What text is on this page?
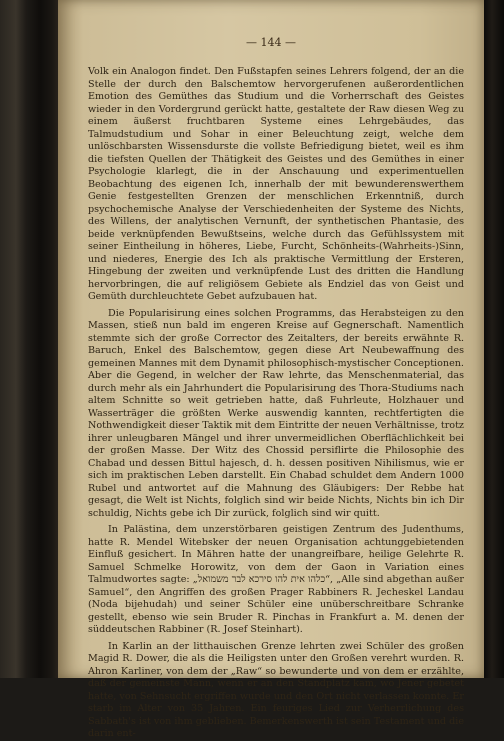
— 144 —

Volk ein Analogon findet. Den Fußstapfen seines Lehrers folgend, der an die Stelle der durch den Balschemtow hervorgerufenen außerordentlichen Emotion des Gemüthes das Studium und die Vorherrschaft des Geistes wieder in den Vordergrund gerückt hatte, gestaltete der Raw diesen Weg zu einem äußerst fruchtbaren Systeme eines Lehrgebäudes, das Talmudstudium und Sohar in einer Beleuchtung zeigt, welche dem unlöschbarsten Wissensdurste die vollste Befriedigung bietet, weil es ihm die tiefsten Quellen der Thätigkeit des Geistes und des Gemüthes in einer Psychologie klarlegt, die in der Anschauung und experimentuellen Beobachtung des eigenen Ich, innerhalb der mit bewunderenswerthem Genie festgestellten Grenzen der menschlichen Erkenntniß, durch psychochemische Analyse der Verschiedenheiten der Systeme des Nichts, des Willens, der analytischen Vernunft, der synthetischen Phantasie, des beide verknüpfenden Bewußtseins, welche durch das Gefühlssystem mit seiner Eintheilung in höheres, Liebe, Furcht, Schönheits-(Wahrheits-)Sinn, und niederes, Energie des Ich als praktische Vermittlung der Ersteren, Hingebung der zweiten und verknüpfende Lust des dritten die Handlung hervorbringen, die auf religiösem Gebiete als Endziel das von Geist und Gemüth durchleuchtete Gebet aufzubauen hat.

Die Popularisirung eines solchen Programms, das Herabsteigen zu den Massen, stieß nun bald im engeren Kreise auf Gegnerschaft. Namentlich stemmte sich der große Corrector des Zeitalters, der bereits erwähnte R. Baruch, Enkel des Balschemtow, gegen diese Art Neubewaffnung des gemeinen Mannes mit dem Dynamit philosophisch-mystischer Conceptionen. Aber die Gegend, in welcher der Raw lehrte, das Menschenmaterial, das durch mehr als ein Jahrhundert die Popularisirung des Thora-Studiums nach altem Schnitte so weit getrieben hatte, daß Fuhrleute, Holzhauer und Wasserträger die größten Werke auswendig kannten, rechtfertigten die Nothwendigkeit dieser Taktik mit dem Eintritte der neuen Verhältnisse, trotz ihrer unleugbaren Mängel und ihrer unvermeidlichen Oberflächlichkeit bei der großen Masse. Der Witz des Chossid persiflirte die Philosophie des Chabad und dessen Bittul hajesch, d. h. dessen positiven Nihilismus, wie er sich im praktischen Leben darstellt. Ein Chabad schuldet dem Andern 1000 Rubel und antwortet auf die Mahnung des Gläubigers: Der Rebbe hat gesagt, die Welt ist Nichts, folglich sind wir beide Nichts, Nichts bin ich Dir schuldig, Nichts gebe ich Dir zurück, folglich sind wir quitt.

In Palästina, dem unzerstörbaren geistigen Zentrum des Judenthums, hatte R. Mendel Witebsker der neuen Organisation achtunggebietenden Einfluß gesichert. In Mähren hatte der unangreifbare, heilige Gelehrte R. Samuel Schmelke Horowitz, von dem der Gaon in Variation eines Talmudwortes sagte: „כלהו אית להו סירכא לבר משמואל“, „Alle sind abgethan außer Samuel“, den Angriffen des großen Prager Rabbiners R. Jecheskel Landau (Noda bijehudah) und seiner Schüler eine unüberschreitbare Schranke gestellt, ebenso wie sein Bruder R. Pinchas in Frankfurt a. M. denen der süddeutschen Rabbiner (R. Josef Steinhart).

In Karlin an der litthauischen Grenze lehrten zwei Schüler des großen Magid R. Dower, die als die Heiligsten unter den Großen verehrt wurden. R. Ahron Karliner, von dem der „Raw“ so bewunderte und von dem er erzählte, daß der gemeinste Mann, wenn er an den Standplatz kam, wo Jener gebetet hatte, von Sehnsucht ergriffen wurde und den Ort nicht verlassen konnte. Er starb im Alter von 35 Jahren. Ein feuriges Lied zur Verherrlichung des Sabbath's ist von ihm geblieben. Bemerkenswerth ist sein Testament und die darin ent-
